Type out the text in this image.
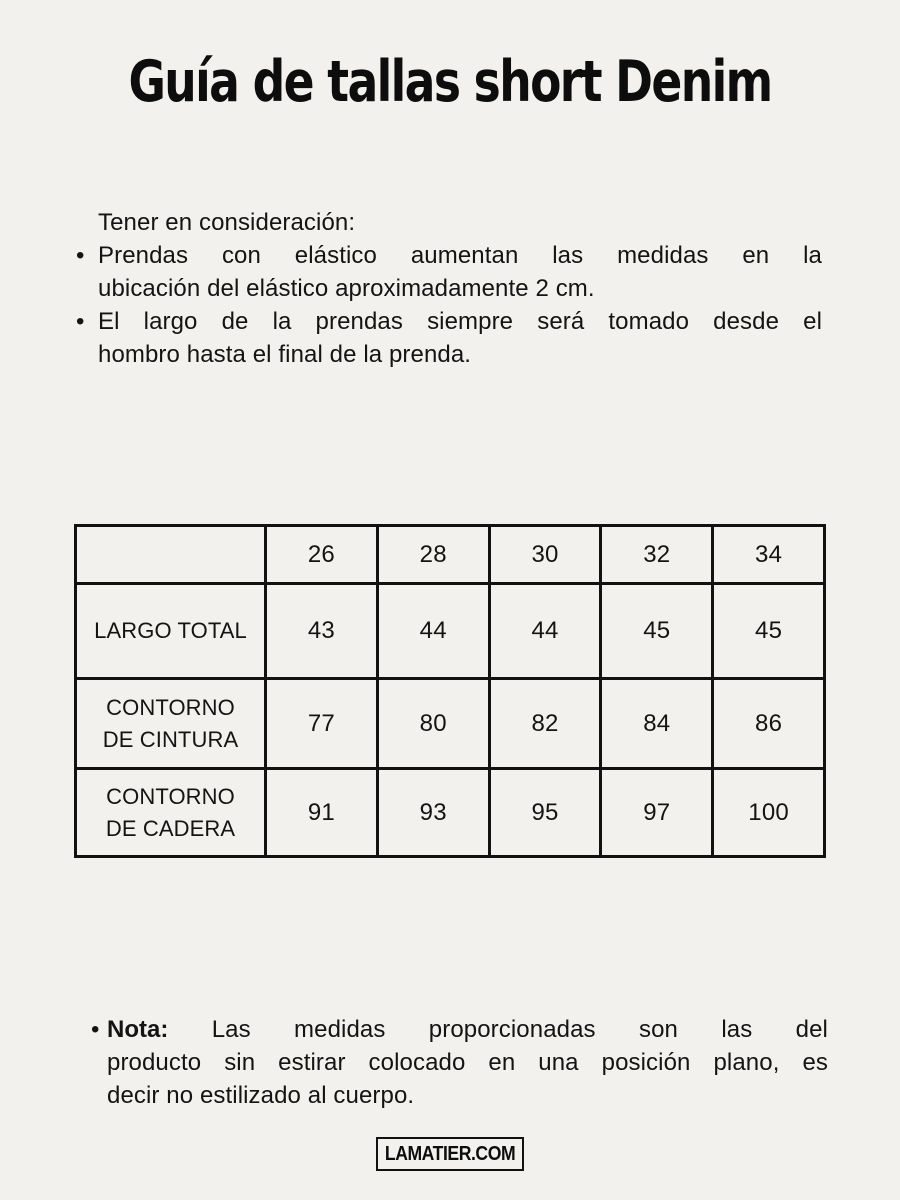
Guía de tallas short Denim
Tener en consideración:
• Prendas con elástico aumentan las medidas en la
ubicación del elástico aproximadamente 2 cm.
• El largo de la prendas siempre será tomado desde el
hombro hasta el final de la prenda.
	26	28	30	32	34

LARGO TOTAL	43	44	44	45	45

CONTORNO
DE CINTURA	77	80	82	84	86

CONTORNO
DE CADERA	91	93	95	97	100
• Nota: Las medidas proporcionadas son las del
producto sin estirar colocado en una posición plano, es
decir no estilizado al cuerpo.
LAMATIER.COM
